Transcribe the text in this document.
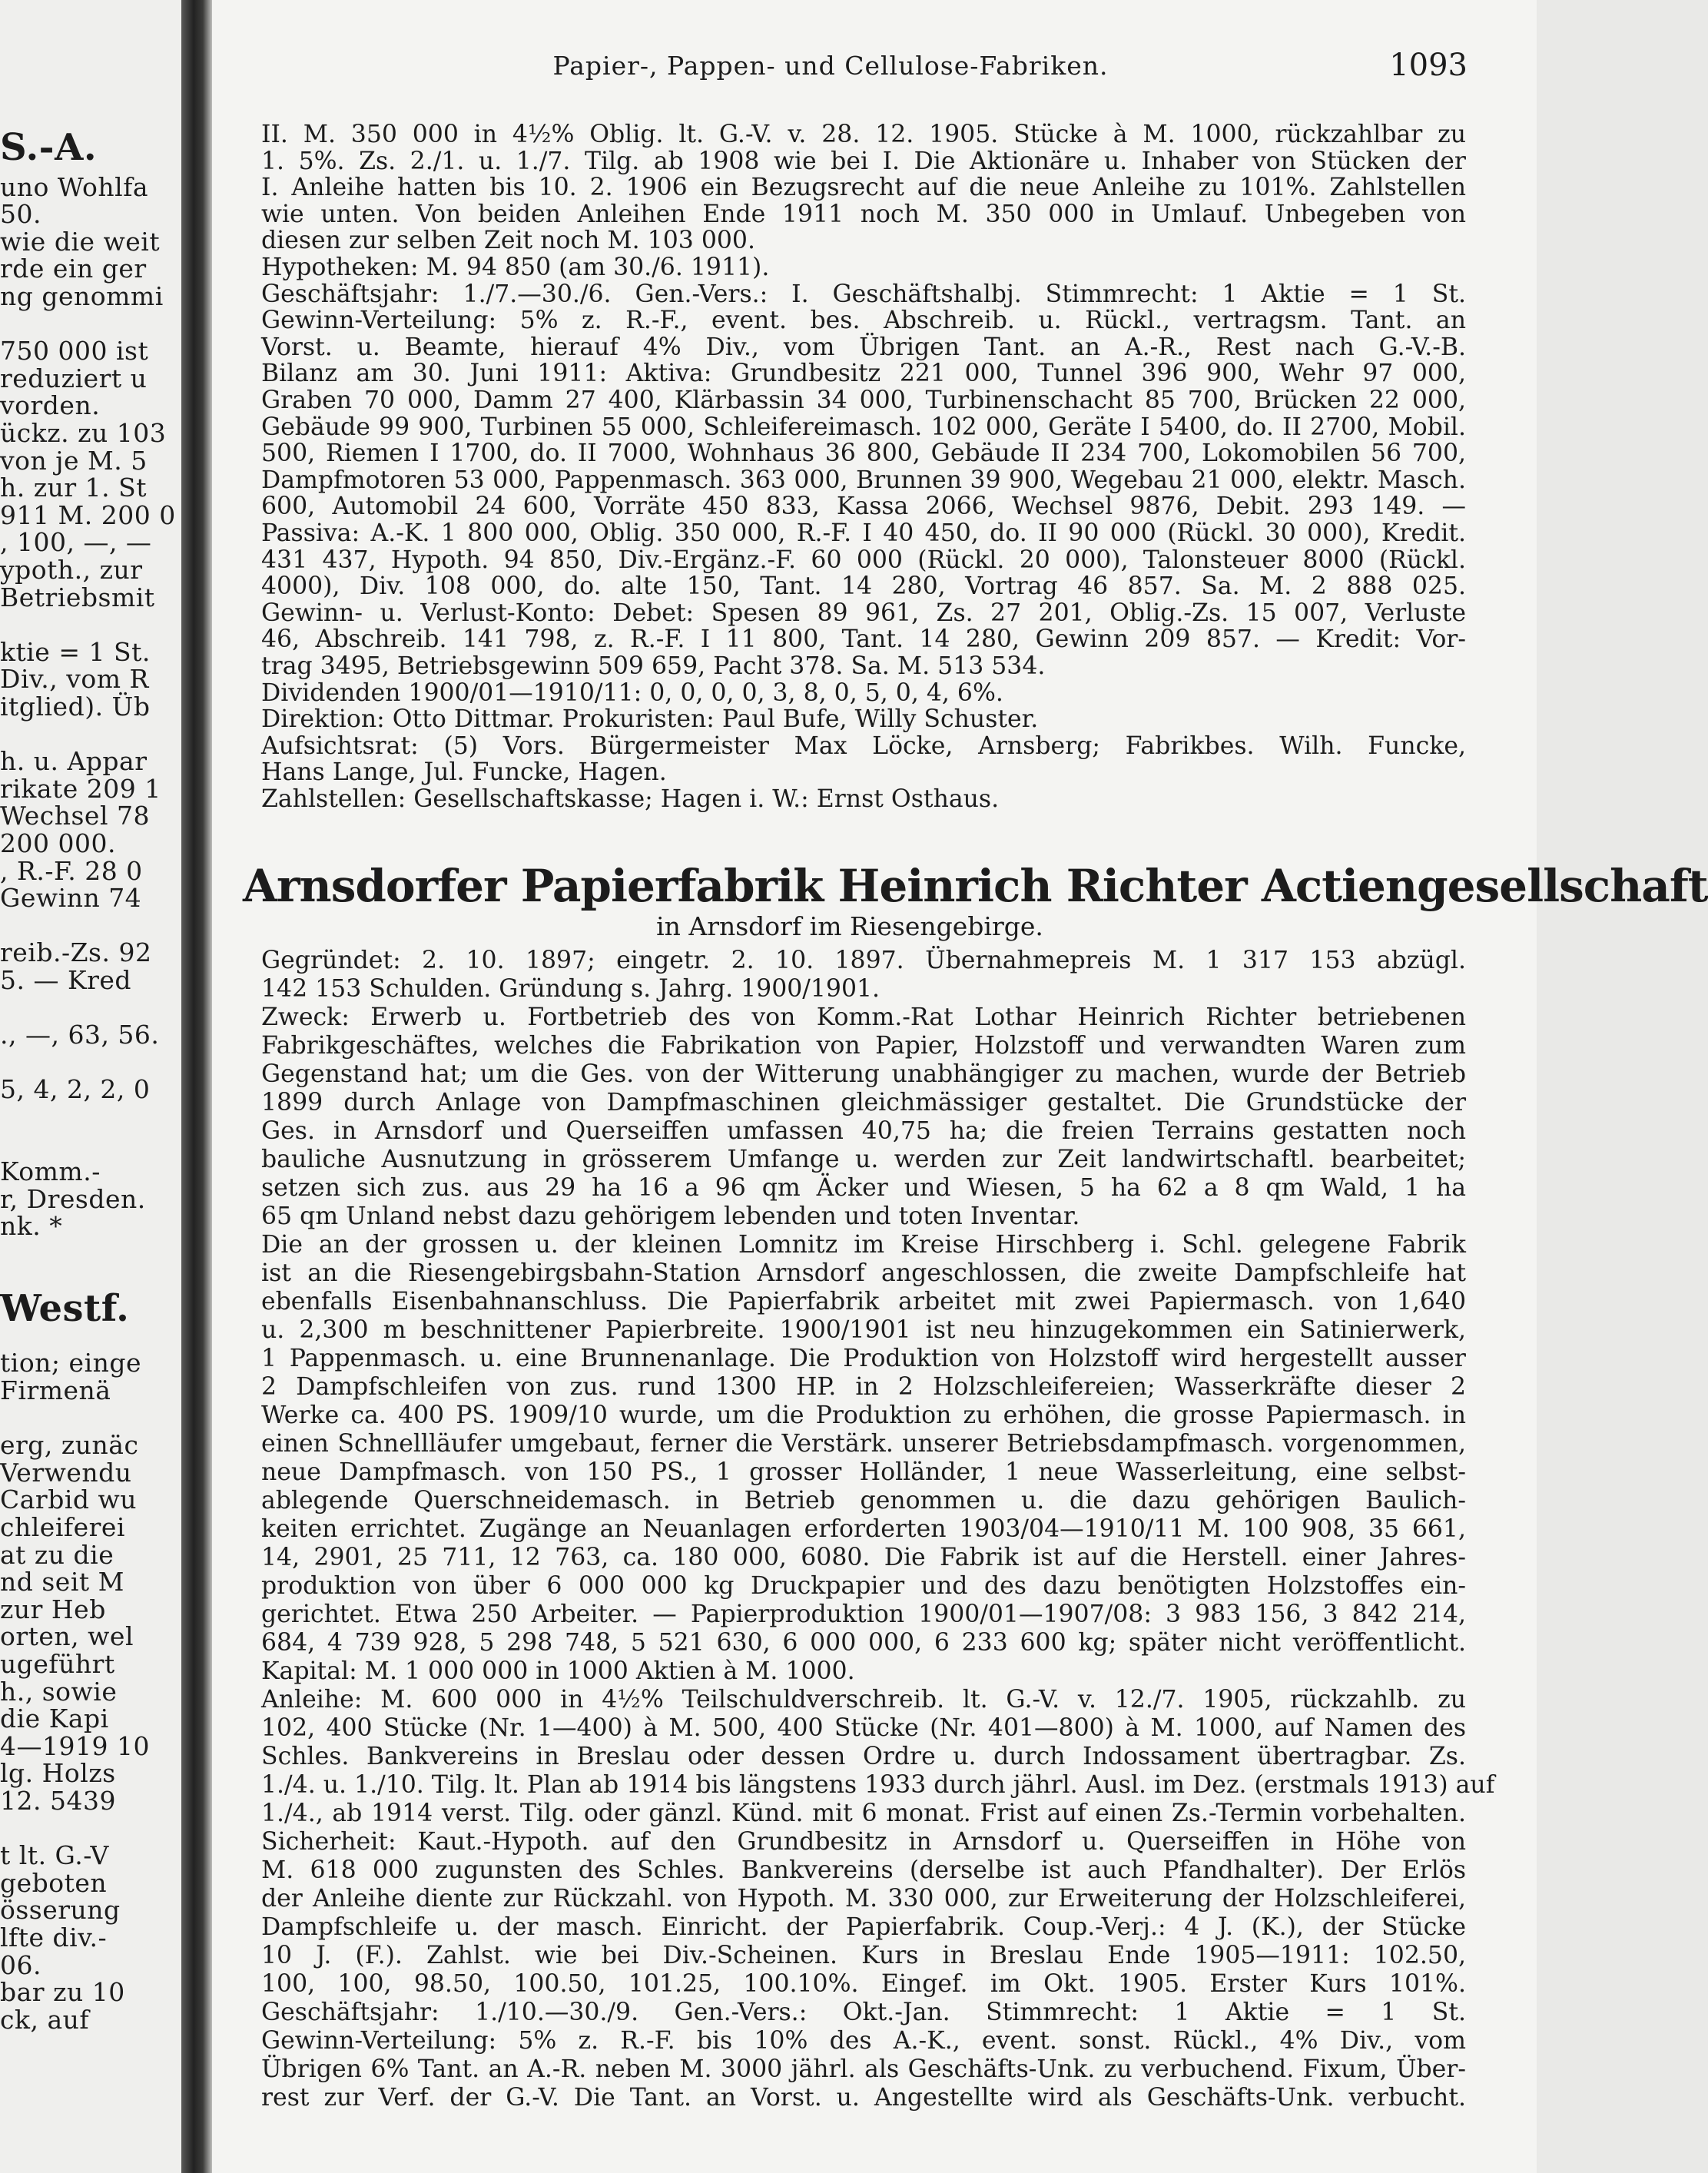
S.-A.
uno Wohlfa
50.
wie die weit
rde ein ger
ng genommi
750 000 ist
reduziert u
vorden.
ückz. zu 103
von je M. 5
h. zur 1. St
911 M. 200 0
, 100, —, —
ypoth., zur
Betriebsmit
ktie = 1 St.
Div., vom R
itglied). Üb
h. u. Appar
rikate 209 1
Wechsel 78
200 000.
, R.-F. 28 0
Gewinn 74
reib.-Zs. 92
5. — Kred
., —, 63, 56.
5, 4, 2, 2, 0
Komm.-
r, Dresden.
nk. *
Westf.
tion; einge
Firmenä
erg, zunäc
Verwendu
Carbid wu
chleiferei
at zu die
nd seit M
zur Heb
orten, wel
ugeführt
h., sowie
die Kapi
4—1919 10
lg. Holzs
12. 5439
t lt. G.-V
geboten
össerung
lfte div.-
06.
bar zu 10
ck, auf
Papier-, Pappen- und Cellulose-Fabriken.	1093
II. M. 350 000 in 4½% Oblig. lt. G.-V. v. 28. 12. 1905. Stücke à M. 1000, rückzahlbar zu
1. 5%. Zs. 2./1. u. 1./7. Tilg. ab 1908 wie bei I. Die Aktionäre u. Inhaber von Stücken der
I. Anleihe hatten bis 10. 2. 1906 ein Bezugsrecht auf die neue Anleihe zu 101%. Zahlstellen
wie unten. Von beiden Anleihen Ende 1911 noch M. 350 000 in Umlauf. Unbegeben von
diesen zur selben Zeit noch M. 103 000.
Hypotheken: M. 94 850 (am 30./6. 1911).
Geschäftsjahr: 1./7.—30./6. Gen.-Vers.: I. Geschäftshalbj. Stimmrecht: 1 Aktie = 1 St.
Gewinn-Verteilung: 5% z. R.-F., event. bes. Abschreib. u. Rückl., vertragsm. Tant. an
Vorst. u. Beamte, hierauf 4% Div., vom Übrigen Tant. an A.-R., Rest nach G.-V.-B.
Bilanz am 30. Juni 1911: Aktiva: Grundbesitz 221 000, Tunnel 396 900, Wehr 97 000,
Graben 70 000, Damm 27 400, Klärbassin 34 000, Turbinenschacht 85 700, Brücken 22 000,
Gebäude 99 900, Turbinen 55 000, Schleifereimasch. 102 000, Geräte I 5400, do. II 2700, Mobil.
500, Riemen I 1700, do. II 7000, Wohnhaus 36 800, Gebäude II 234 700, Lokomobilen 56 700,
Dampfmotoren 53 000, Pappenmasch. 363 000, Brunnen 39 900, Wegebau 21 000, elektr. Masch.
600, Automobil 24 600, Vorräte 450 833, Kassa 2066, Wechsel 9876, Debit. 293 149. —
Passiva: A.-K. 1 800 000, Oblig. 350 000, R.-F. I 40 450, do. II 90 000 (Rückl. 30 000), Kredit.
431 437, Hypoth. 94 850, Div.-Ergänz.-F. 60 000 (Rückl. 20 000), Talonsteuer 8000 (Rückl.
4000), Div. 108 000, do. alte 150, Tant. 14 280, Vortrag 46 857. Sa. M. 2 888 025.
Gewinn- u. Verlust-Konto: Debet: Spesen 89 961, Zs. 27 201, Oblig.-Zs. 15 007, Verluste
46, Abschreib. 141 798, z. R.-F. I 11 800, Tant. 14 280, Gewinn 209 857. — Kredit: Vor-
trag 3495, Betriebsgewinn 509 659, Pacht 378. Sa. M. 513 534.
Dividenden 1900/01—1910/11: 0, 0, 0, 0, 3, 8, 0, 5, 0, 4, 6%.
Direktion: Otto Dittmar. Prokuristen: Paul Bufe, Willy Schuster.
Aufsichtsrat: (5) Vors. Bürgermeister Max Löcke, Arnsberg; Fabrikbes. Wilh. Funcke,
Hans Lange, Jul. Funcke, Hagen.
Zahlstellen: Gesellschaftskasse; Hagen i. W.: Ernst Osthaus.
Arnsdorfer Papierfabrik Heinrich Richter Actiengesellschaft
in Arnsdorf im Riesengebirge.
Gegründet: 2. 10. 1897; eingetr. 2. 10. 1897. Übernahmepreis M. 1 317 153 abzügl.
142 153 Schulden. Gründung s. Jahrg. 1900/1901.
Zweck: Erwerb u. Fortbetrieb des von Komm.-Rat Lothar Heinrich Richter betriebenen
Fabrikgeschäftes, welches die Fabrikation von Papier, Holzstoff und verwandten Waren zum
Gegenstand hat; um die Ges. von der Witterung unabhängiger zu machen, wurde der Betrieb
1899 durch Anlage von Dampfmaschinen gleichmässiger gestaltet. Die Grundstücke der
Ges. in Arnsdorf und Querseiffen umfassen 40,75 ha; die freien Terrains gestatten noch
bauliche Ausnutzung in grösserem Umfange u. werden zur Zeit landwirtschaftl. bearbeitet;
setzen sich zus. aus 29 ha 16 a 96 qm Äcker und Wiesen, 5 ha 62 a 8 qm Wald, 1 ha
65 qm Unland nebst dazu gehörigem lebenden und toten Inventar.
Die an der grossen u. der kleinen Lomnitz im Kreise Hirschberg i. Schl. gelegene Fabrik
ist an die Riesengebirgsbahn-Station Arnsdorf angeschlossen, die zweite Dampfschleife hat
ebenfalls Eisenbahnanschluss. Die Papierfabrik arbeitet mit zwei Papiermasch. von 1,640
u. 2,300 m beschnittener Papierbreite. 1900/1901 ist neu hinzugekommen ein Satinierwerk,
1 Pappenmasch. u. eine Brunnenanlage. Die Produktion von Holzstoff wird hergestellt ausser
2 Dampfschleifen von zus. rund 1300 HP. in 2 Holzschleifereien; Wasserkräfte dieser 2
Werke ca. 400 PS. 1909/10 wurde, um die Produktion zu erhöhen, die grosse Papiermasch. in
einen Schnellläufer umgebaut, ferner die Verstärk. unserer Betriebsdampfmasch. vorgenommen,
neue Dampfmasch. von 150 PS., 1 grosser Holländer, 1 neue Wasserleitung, eine selbst-
ablegende Querschneidemasch. in Betrieb genommen u. die dazu gehörigen Baulich-
keiten errichtet. Zugänge an Neuanlagen erforderten 1903/04—1910/11 M. 100 908, 35 661,
14, 2901, 25 711, 12 763, ca. 180 000, 6080. Die Fabrik ist auf die Herstell. einer Jahres-
produktion von über 6 000 000 kg Druckpapier und des dazu benötigten Holzstoffes ein-
gerichtet. Etwa 250 Arbeiter. — Papierproduktion 1900/01—1907/08: 3 983 156, 3 842 214,
684, 4 739 928, 5 298 748, 5 521 630, 6 000 000, 6 233 600 kg; später nicht veröffentlicht.
Kapital: M. 1 000 000 in 1000 Aktien à M. 1000.
Anleihe: M. 600 000 in 4½% Teilschuldverschreib. lt. G.-V. v. 12./7. 1905, rückzahlb. zu
102, 400 Stücke (Nr. 1—400) à M. 500, 400 Stücke (Nr. 401—800) à M. 1000, auf Namen des
Schles. Bankvereins in Breslau oder dessen Ordre u. durch Indossament übertragbar. Zs.
1./4. u. 1./10. Tilg. lt. Plan ab 1914 bis längstens 1933 durch jährl. Ausl. im Dez. (erstmals 1913) auf
1./4., ab 1914 verst. Tilg. oder gänzl. Künd. mit 6 monat. Frist auf einen Zs.-Termin vorbehalten.
Sicherheit: Kaut.-Hypoth. auf den Grundbesitz in Arnsdorf u. Querseiffen in Höhe von
M. 618 000 zugunsten des Schles. Bankvereins (derselbe ist auch Pfandhalter). Der Erlös
der Anleihe diente zur Rückzahl. von Hypoth. M. 330 000, zur Erweiterung der Holzschleiferei,
Dampfschleife u. der masch. Einricht. der Papierfabrik. Coup.-Verj.: 4 J. (K.), der Stücke
10 J. (F.). Zahlst. wie bei Div.-Scheinen. Kurs in Breslau Ende 1905—1911: 102.50,
100, 100, 98.50, 100.50, 101.25, 100.10%. Eingef. im Okt. 1905. Erster Kurs 101%.
Geschäftsjahr: 1./10.—30./9. Gen.-Vers.: Okt.-Jan. Stimmrecht: 1 Aktie = 1 St.
Gewinn-Verteilung: 5% z. R.-F. bis 10% des A.-K., event. sonst. Rückl., 4% Div., vom
Übrigen 6% Tant. an A.-R. neben M. 3000 jährl. als Geschäfts-Unk. zu verbuchend. Fixum, Über-
rest zur Verf. der G.-V. Die Tant. an Vorst. u. Angestellte wird als Geschäfts-Unk. verbucht.
